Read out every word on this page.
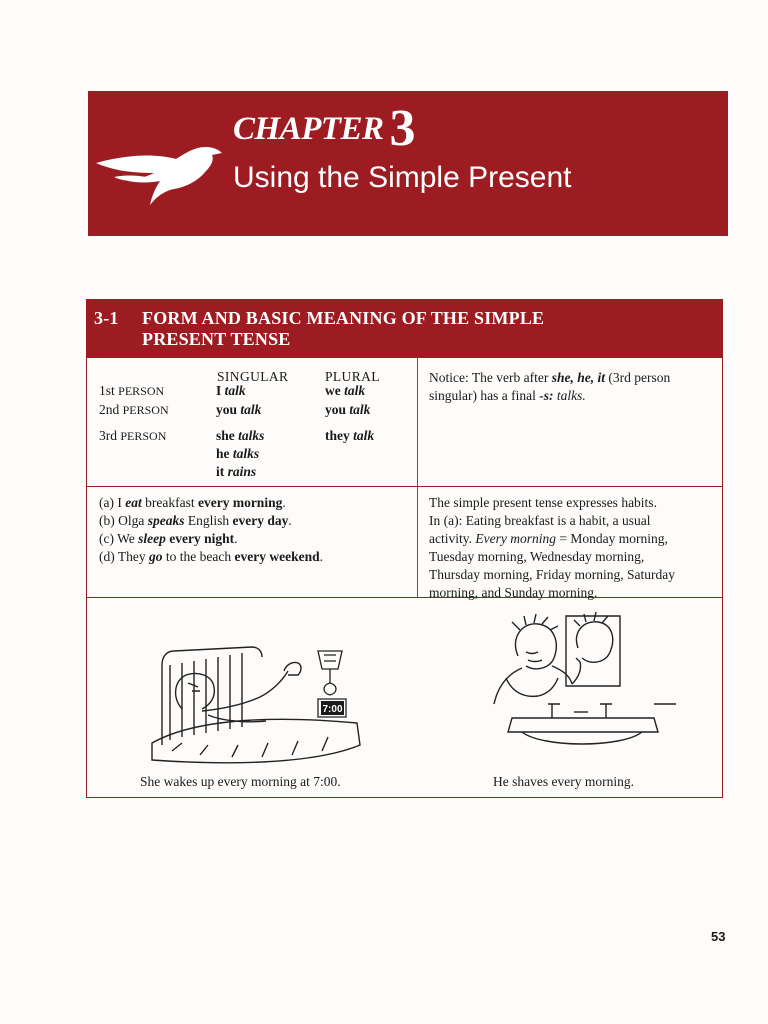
CHAPTER 3
Using the Simple Present
3-1 FORM AND BASIC MEANING OF THE SIMPLE
PRESENT TENSE
SINGULAR	PLURAL
1st PERSON	I talk	we talk
2nd PERSON	you talk	you talk
3rd PERSON	she talks	they talk
he talks
it rains
Notice: The verb after she, he, it (3rd person singular) has a final -s: talks.
(a) I eat breakfast every morning.
(b) Olga speaks English every day.
(c) We sleep every night.
(d) They go to the beach every weekend.
The simple present tense expresses habits.
In (a): Eating breakfast is a habit, a usual
activity. Every morning = Monday morning,
Tuesday morning, Wednesday morning,
Thursday morning, Friday morning, Saturday
morning, and Sunday morning.
7:00
She wakes up every morning at 7:00.	He shaves every morning.
53
